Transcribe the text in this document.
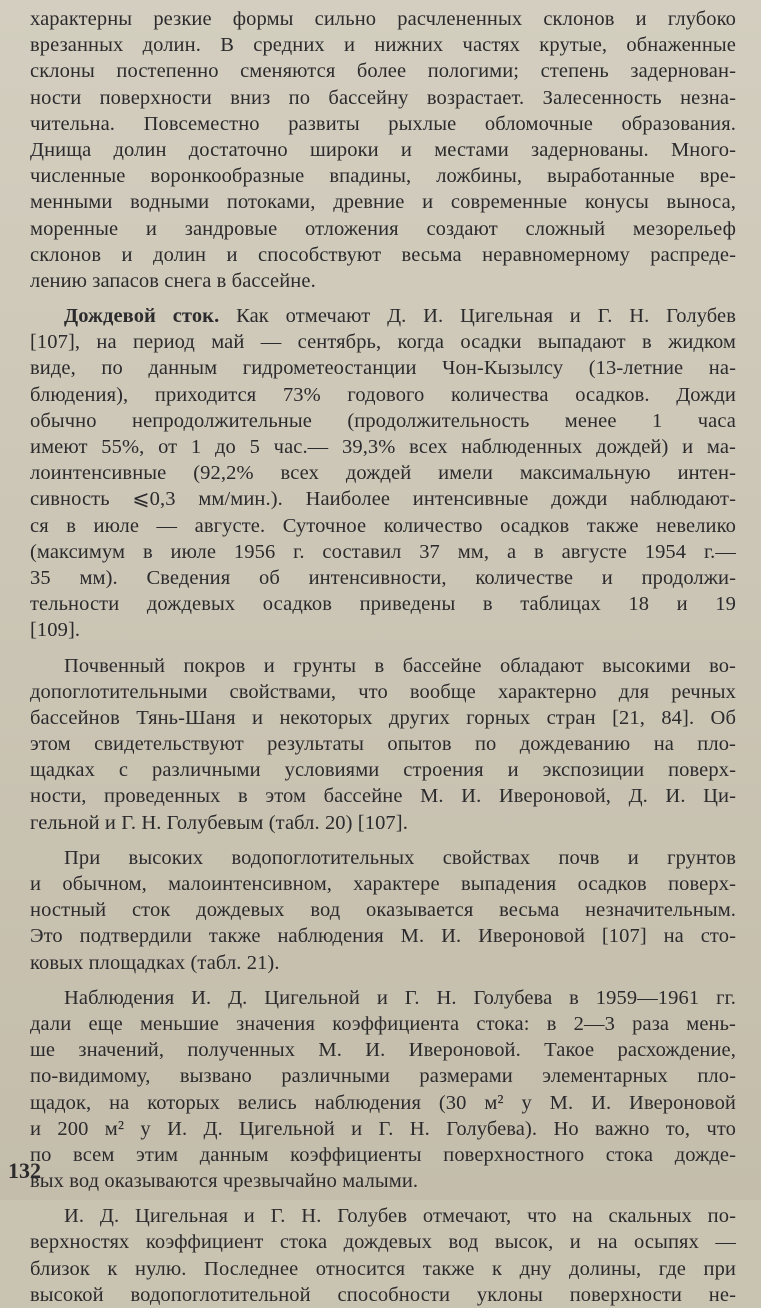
характерны резкие формы сильно расчлененных склонов и глубоко
врезанных долин. В средних и нижних частях крутые, обнаженные
склоны постепенно сменяются более пологими; степень задернован-
ности поверхности вниз по бассейну возрастает. Залесенность незна-
чительна. Повсеместно развиты рыхлые обломочные образования.
Днища долин достаточно широки и местами задернованы. Много-
численные воронкообразные впадины, ложбины, выработанные вре-
менными водными потоками, древние и современные конусы выноса,
моренные и зандровые отложения создают сложный мезорельеф
склонов и долин и способствуют весьма неравномерному распреде-
лению запасов снега в бассейне.
Дождевой сток. Как отмечают Д. И. Цигельная и Г. Н. Голубев
[107], на период май — сентябрь, когда осадки выпадают в жидком
виде, по данным гидрометеостанции Чон-Кызылсу (13-летние на-
блюдения), приходится 73% годового количества осадков. Дожди
обычно непродолжительные (продолжительность менее 1 часа
имеют 55%, от 1 до 5 час.— 39,3% всех наблюденных дождей) и ма-
лоинтенсивные (92,2% всех дождей имели максимальную интен-
сивность ⩽0,3 мм/мин.). Наиболее интенсивные дожди наблюдают-
ся в июле — августе. Суточное количество осадков также невелико
(максимум в июле 1956 г. составил 37 мм, а в августе 1954 г.—
35 мм). Сведения об интенсивности, количестве и продолжи-
тельности дождевых осадков приведены в таблицах 18 и 19
[109].
Почвенный покров и грунты в бассейне обладают высокими во-
допоглотительными свойствами, что вообще характерно для речных
бассейнов Тянь-Шаня и некоторых других горных стран [21, 84]. Об
этом свидетельствуют результаты опытов по дождеванию на пло-
щадках с различными условиями строения и экспозиции поверх-
ности, проведенных в этом бассейне М. И. Ивероновой, Д. И. Ци-
гельной и Г. Н. Голубевым (табл. 20) [107].
При высоких водопоглотительных свойствах почв и грунтов
и обычном, малоинтенсивном, характере выпадения осадков поверх-
ностный сток дождевых вод оказывается весьма незначительным.
Это подтвердили также наблюдения М. И. Ивероновой [107] на сто-
ковых площадках (табл. 21).
Наблюдения И. Д. Цигельной и Г. Н. Голубева в 1959—1961 гг.
дали еще меньшие значения коэффициента стока: в 2—3 раза мень-
ше значений, полученных М. И. Ивероновой. Такое расхождение,
по-видимому, вызвано различными размерами элементарных пло-
щадок, на которых велись наблюдения (30 м² у М. И. Ивероновой
и 200 м² у И. Д. Цигельной и Г. Н. Голубева). Но важно то, что
по всем этим данным коэффициенты поверхностного стока дожде-
вых вод оказываются чрезвычайно малыми.
И. Д. Цигельная и Г. Н. Голубев отмечают, что на скальных по-
верхностях коэффициент стока дождевых вод высок, и на осыпях —
близок к нулю. Последнее относится также к дну долины, где при
высокой водопоглотительной способности уклоны поверхности не-
132
